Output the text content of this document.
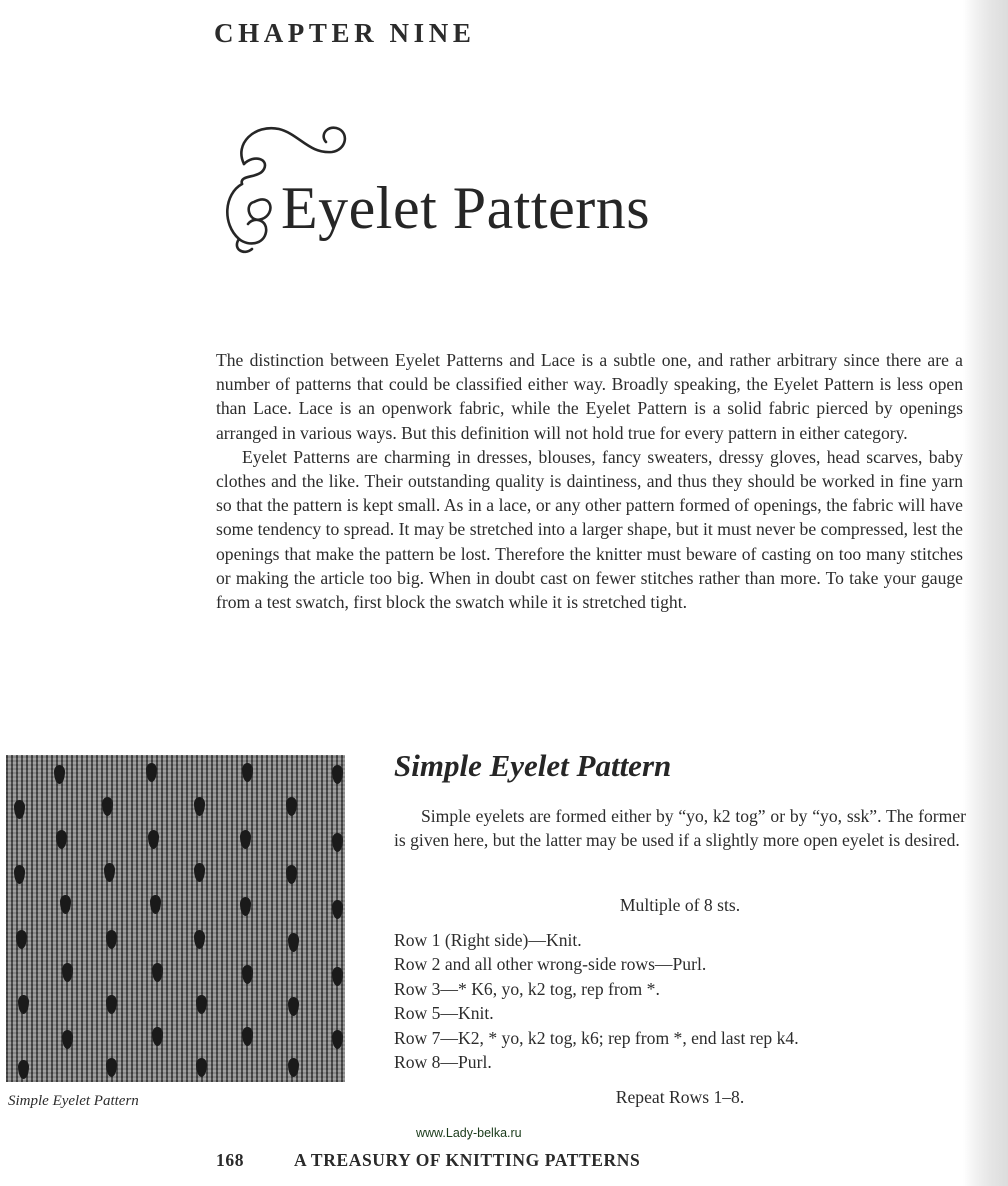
CHAPTER NINE
Eyelet Patterns

The distinction between Eyelet Patterns and Lace is a subtle one, and rather arbitrary since there are a number of patterns that could be classified either way. Broadly speaking, the Eyelet Pattern is less open than Lace. Lace is an openwork fabric, while the Eyelet Pattern is a solid fabric pierced by openings arranged in various ways. But this definition will not hold true for every pattern in either category.

Eyelet Patterns are charming in dresses, blouses, fancy sweaters, dressy gloves, head scarves, baby clothes and the like. Their outstanding quality is daintiness, and thus they should be worked in fine yarn so that the pattern is kept small. As in a lace, or any other pattern formed of openings, the fabric will have some tendency to spread. It may be stretched into a larger shape, but it must never be compressed, lest the openings that make the pattern be lost. Therefore the knitter must beware of casting on too many stitches or making the article too big. When in doubt cast on fewer stitches rather than more. To take your gauge from a test swatch, first block the swatch while it is stretched tight.

Simple Eyelet Pattern
Simple Eyelet Pattern

Simple eyelets are formed either by “yo, k2 tog” or by “yo, ssk”. The former is given here, but the latter may be used if a slightly more open eyelet is desired.

Multiple of 8 sts.
Row 1 (Right side)—Knit.
Row 2 and all other wrong-side rows—Purl.
Row 3—* K6, yo, k2 tog, rep from *.
Row 5—Knit.
Row 7—K2, * yo, k2 tog, k6; rep from *, end last rep k4.
Row 8—Purl.
Repeat Rows 1–8.
www.Lady-belka.ru
168	A TREASURY OF KNITTING PATTERNS
